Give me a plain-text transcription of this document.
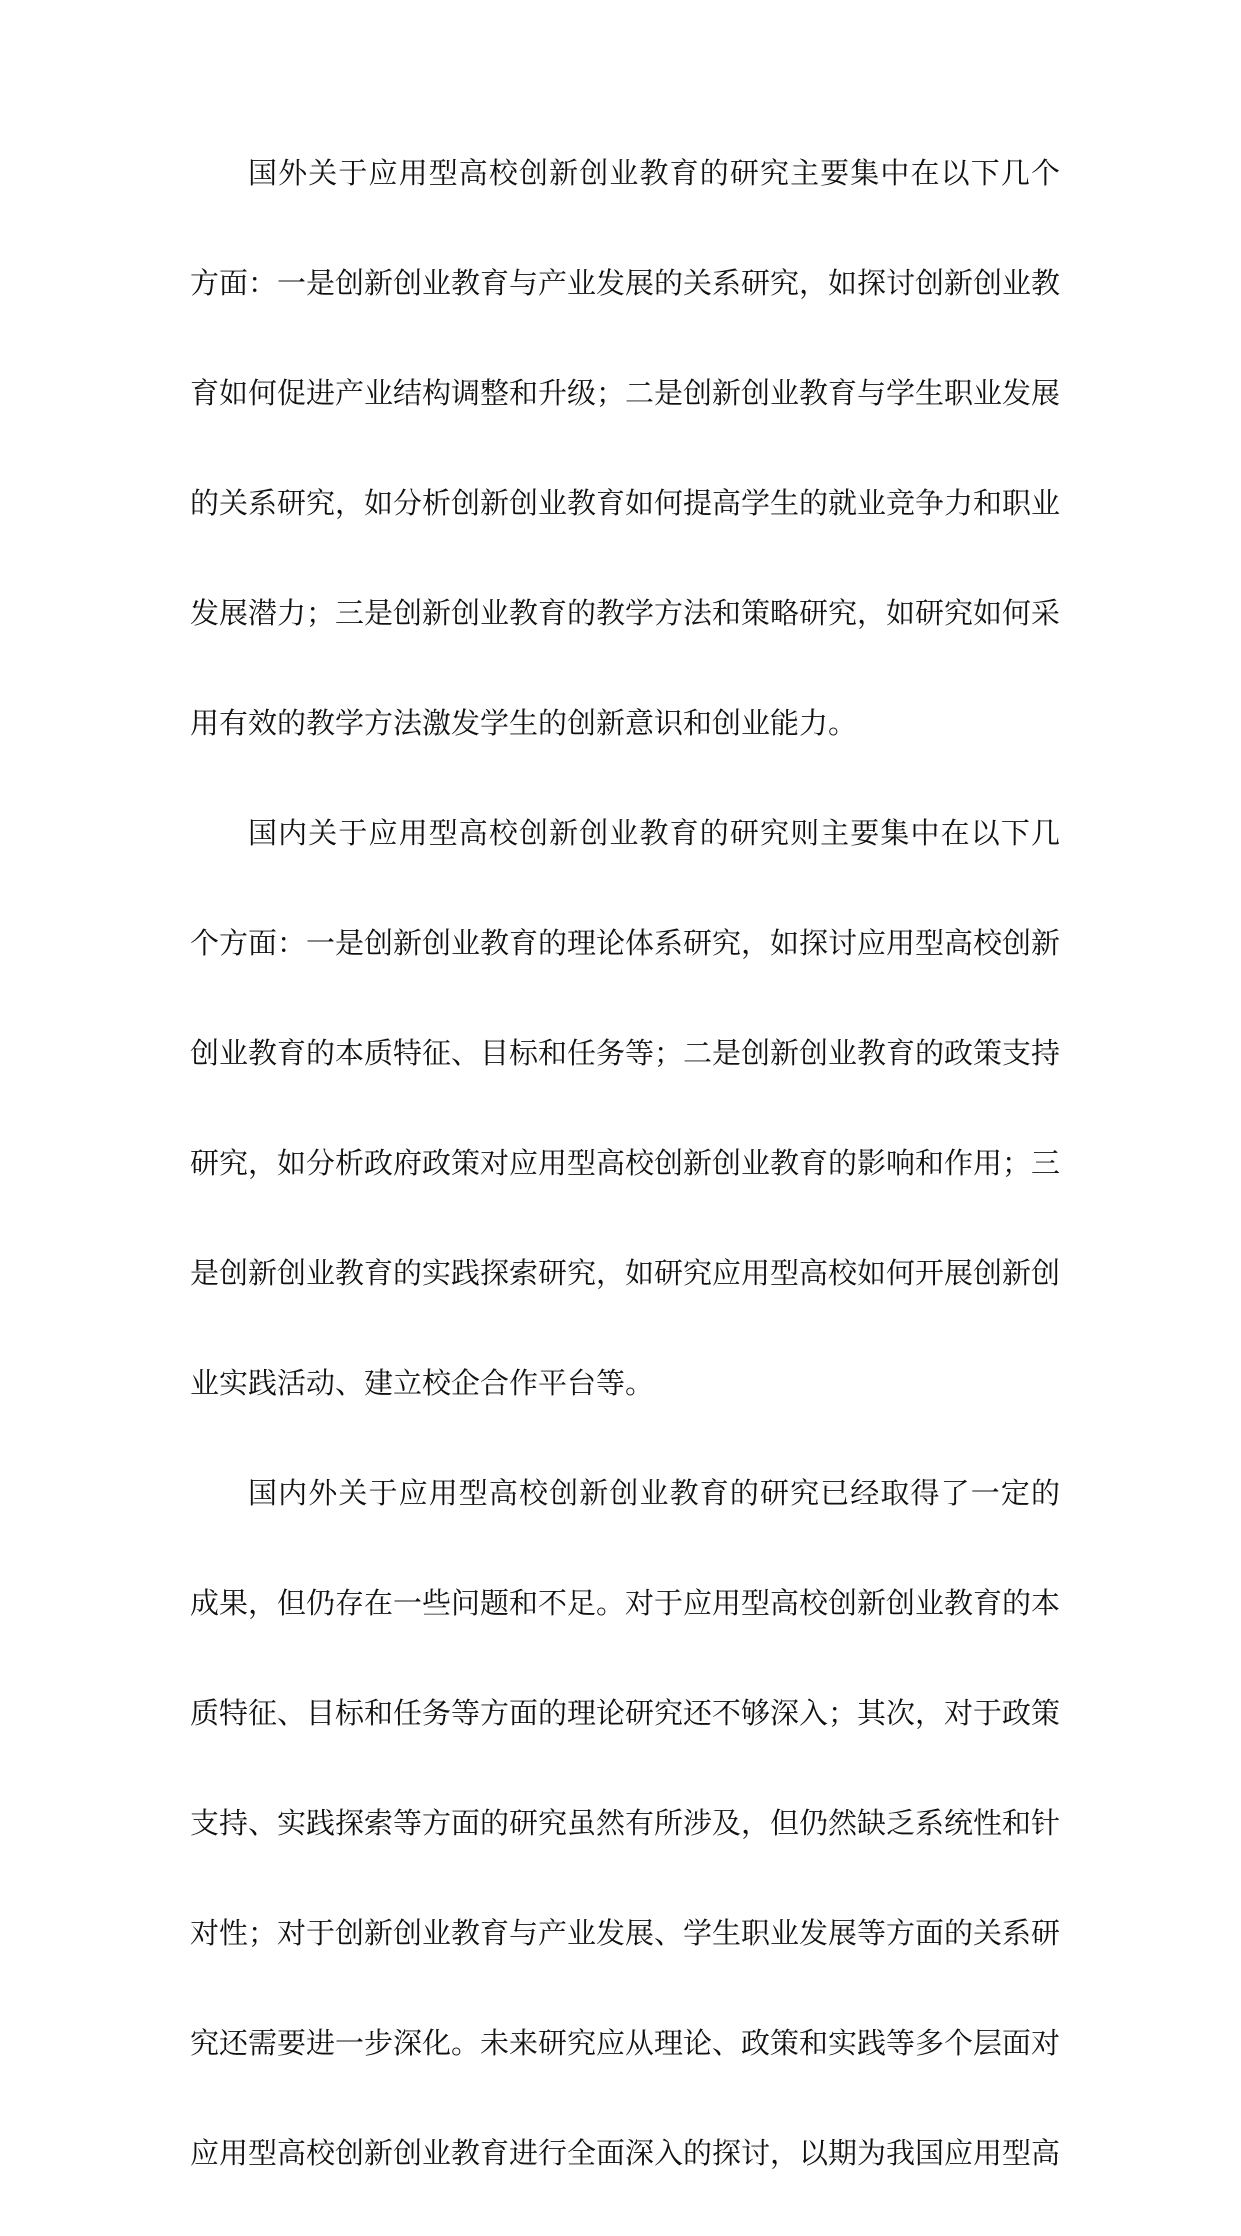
国外关于应用型高校创新创业教育的研究主要集中在以下几个
方面：一是创新创业教育与产业发展的关系研究，如探讨创新创业教
育如何促进产业结构调整和升级；二是创新创业教育与学生职业发展
的关系研究，如分析创新创业教育如何提高学生的就业竞争力和职业
发展潜力；三是创新创业教育的教学方法和策略研究，如研究如何采
用有效的教学方法激发学生的创新意识和创业能力。
国内关于应用型高校创新创业教育的研究则主要集中在以下几
个方面：一是创新创业教育的理论体系研究，如探讨应用型高校创新
创业教育的本质特征、目标和任务等；二是创新创业教育的政策支持
研究，如分析政府政策对应用型高校创新创业教育的影响和作用；三
是创新创业教育的实践探索研究，如研究应用型高校如何开展创新创
业实践活动、建立校企合作平台等。
国内外关于应用型高校创新创业教育的研究已经取得了一定的
成果，但仍存在一些问题和不足。对于应用型高校创新创业教育的本
质特征、目标和任务等方面的理论研究还不够深入；其次，对于政策
支持、实践探索等方面的研究虽然有所涉及，但仍然缺乏系统性和针
对性；对于创新创业教育与产业发展、学生职业发展等方面的关系研
究还需要进一步深化。未来研究应从理论、政策和实践等多个层面对
应用型高校创新创业教育进行全面深入的探讨，以期为我国应用型高
